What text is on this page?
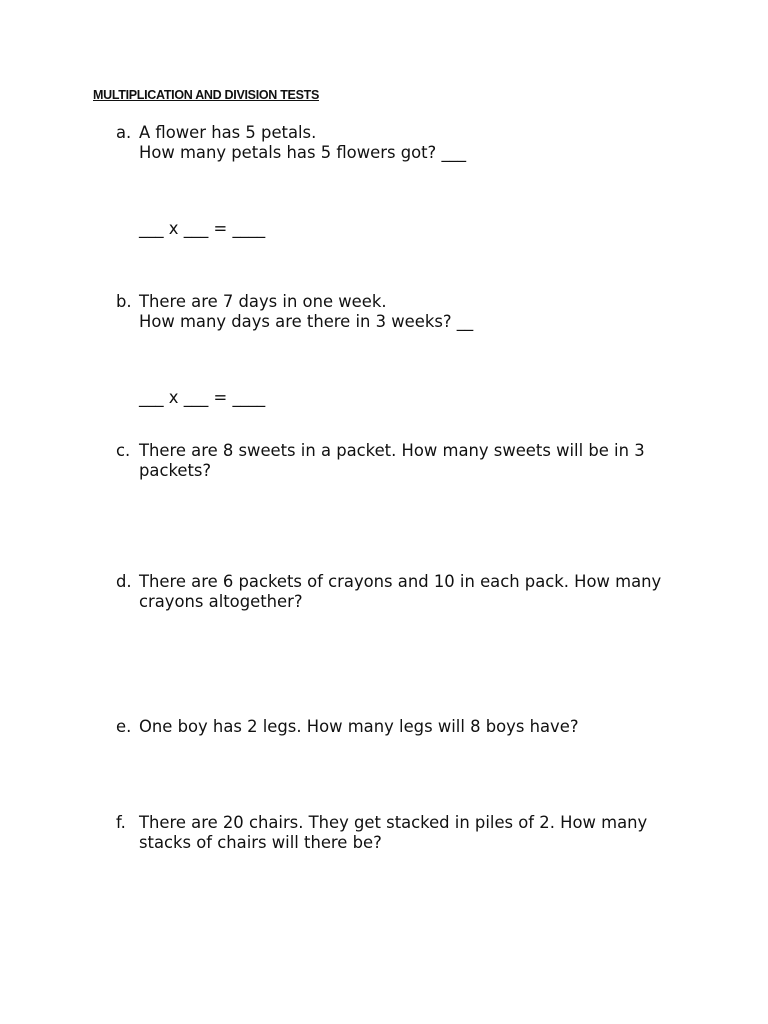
MULTIPLICATION AND DIVISION TESTS
a. A flower has 5 petals.
How many petals has 5 flowers got? ___
___ x ___ = ____
b. There are 7 days in one week.
How many days are there in 3 weeks? __
___ x ___ = ____
c. There are 8 sweets in a packet. How many sweets will be in 3 packets?
d. There are 6 packets of crayons and 10 in each pack. How many crayons altogether?
e. One boy has 2 legs. How many legs will 8 boys have?
f. There are 20 chairs. They get stacked in piles of 2. How many stacks of chairs will there be?
